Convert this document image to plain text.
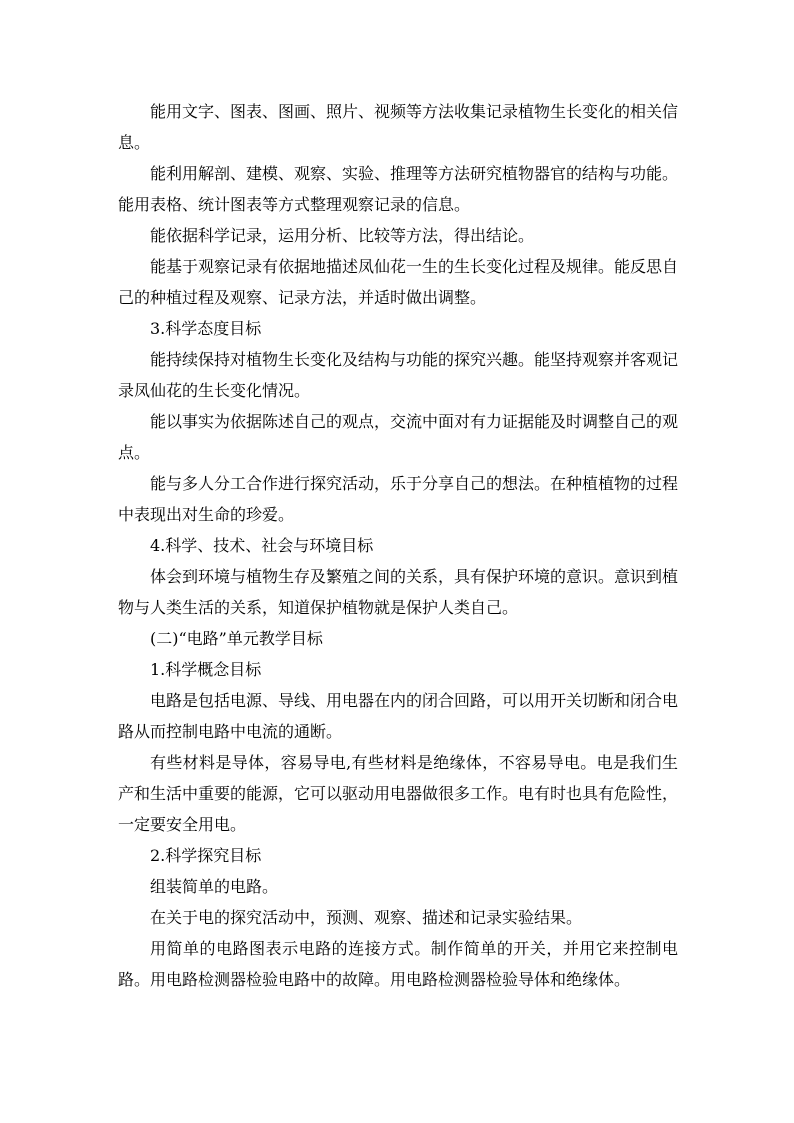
能用文字、图表、图画、照片、视频等方法收集记录植物生长变化的相关信息。

能利用解剖、建模、观察、实验、推理等方法研究植物器官的结构与功能。能用表格、统计图表等方式整理观察记录的信息。

能依据科学记录，运用分析、比较等方法，得出结论。

能基于观察记录有依据地描述凤仙花一生的生长变化过程及规律。能反思自己的种植过程及观察、记录方法，并适时做出调整。

3.科学态度目标

能持续保持对植物生长变化及结构与功能的探究兴趣。能坚持观察并客观记录凤仙花的生长变化情况。

能以事实为依据陈述自己的观点，交流中面对有力证据能及时调整自己的观点。

能与多人分工合作进行探究活动，乐于分享自己的想法。在种植植物的过程中表现出对生命的珍爱。

4.科学、技术、社会与环境目标

体会到环境与植物生存及繁殖之间的关系，具有保护环境的意识。意识到植物与人类生活的关系，知道保护植物就是保护人类自己。

(二)“电路”单元教学目标

1.科学概念目标

电路是包括电源、导线、用电器在内的闭合回路，可以用开关切断和闭合电路从而控制电路中电流的通断。

有些材料是导体，容易导电,有些材料是绝缘体，不容易导电。电是我们生产和生活中重要的能源，它可以驱动用电器做很多工作。电有时也具有危险性，一定要安全用电。

2.科学探究目标

组装简单的电路。

在关于电的探究活动中，预测、观察、描述和记录实验结果。

用简单的电路图表示电路的连接方式。制作简单的开关，并用它来控制电路。用电路检测器检验电路中的故障。用电路检测器检验导体和绝缘体。
